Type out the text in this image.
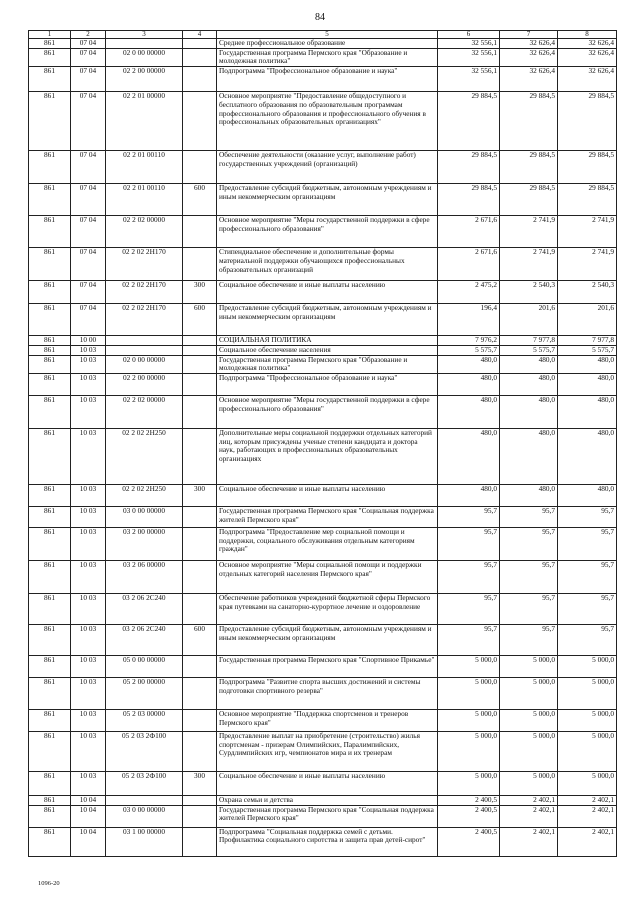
84
1	2	3	4	5	6	7	8
861	07 04			Среднее профессиональное образование	32 556,1	32 626,4	32 626,4
861	07 04	02 0 00 00000		Государственная программа Пермского края "Образование и молодежная политика"	32 556,1	32 626,4	32 626,4
861	07 04	02 2 00 00000		Подпрограмма "Профессиональное образование и наука"	32 556,1	32 626,4	32 626,4
861	07 04	02 2 01 00000		Основное мероприятие "Предоставление общедоступного и бесплатного образования по образовательным программам профессионального образования и профессионального обучения в профессиональных образовательных организациях"	29 884,5	29 884,5	29 884,5
861	07 04	02 2 01 00110		Обеспечение деятельности (оказание услуг, выполнение работ) государственных учреждений (организаций)	29 884,5	29 884,5	29 884,5
861	07 04	02 2 01 00110	600	Предоставление субсидий бюджетным, автономным учреждениям и иным некоммерческим организациям	29 884,5	29 884,5	29 884,5
861	07 04	02 2 02 00000		Основное мероприятие "Меры государственной поддержки в сфере профессионального образования"	2 671,6	2 741,9	2 741,9
861	07 04	02 2 02 2Н170		Стипендиальное обеспечение и дополнительные формы материальной поддержки обучающихся профессиональных образовательных организаций	2 671,6	2 741,9	2 741,9
861	07 04	02 2 02 2Н170	300	Социальное обеспечение и иные выплаты населению	2 475,2	2 540,3	2 540,3
861	07 04	02 2 02 2Н170	600	Предоставление субсидий бюджетным, автономным учреждениям и иным некоммерческим организациям	196,4	201,6	201,6
861	10 00			СОЦИАЛЬНАЯ ПОЛИТИКА	7 976,2	7 977,8	7 977,8
861	10 03			Социальное обеспечение населения	5 575,7	5 575,7	5 575,7
861	10 03	02 0 00 00000		Государственная программа Пермского края "Образование и молодежная политика"	480,0	480,0	480,0
861	10 03	02 2 00 00000		Подпрограмма "Профессиональное образование и наука"	480,0	480,0	480,0
861	10 03	02 2 02 00000		Основное мероприятие "Меры государственной поддержки в сфере профессионального образования"	480,0	480,0	480,0
861	10 03	02 2 02 2Н250		Дополнительные меры социальной поддержки отдельных категорий лиц, которым присуждены ученые степени кандидата и доктора наук, работающих в профессиональных образовательных организациях	480,0	480,0	480,0
861	10 03	02 2 02 2Н250	300	Социальное обеспечение и иные выплаты населению	480,0	480,0	480,0
861	10 03	03 0 00 00000		Государственная программа Пермского края "Социальная поддержка жителей Пермского края"	95,7	95,7	95,7
861	10 03	03 2 00 00000		Подпрограмма "Предоставление мер социальной помощи и поддержки, социального обслуживания отдельным категориям граждан"	95,7	95,7	95,7
861	10 03	03 2 06 00000		Основное мероприятие "Меры социальной помощи и поддержки отдельных категорий населения Пермского края"	95,7	95,7	95,7
861	10 03	03 2 06 2С240		Обеспечение работников учреждений бюджетной сферы Пермского края путевками на санаторно-курортное лечение и оздоровление	95,7	95,7	95,7
861	10 03	03 2 06 2С240	600	Предоставление субсидий бюджетным, автономным учреждениям и иным некоммерческим организациям	95,7	95,7	95,7
861	10 03	05 0 00 00000		Государственная программа Пермского края "Спортивное Прикамье"	5 000,0	5 000,0	5 000,0
861	10 03	05 2 00 00000		Подпрограмма "Развитие спорта высших достижений и системы подготовки спортивного резерва"	5 000,0	5 000,0	5 000,0
861	10 03	05 2 03 00000		Основное мероприятие "Поддержка спортсменов и тренеров Пермского края"	5 000,0	5 000,0	5 000,0
861	10 03	05 2 03 2Ф100		Предоставление выплат на приобретение (строительство) жилья спортсменам - призерам Олимпийских, Паралимпийских, Сурдлимпийских игр, чемпионатов мира и их тренерам	5 000,0	5 000,0	5 000,0
861	10 03	05 2 03 2Ф100	300	Социальное обеспечение и иные выплаты населению	5 000,0	5 000,0	5 000,0
861	10 04			Охрана семьи и детства	2 400,5	2 402,1	2 402,1
861	10 04	03 0 00 00000		Государственная программа Пермского края "Социальная поддержка жителей Пермского края"	2 400,5	2 402,1	2 402,1
861	10 04	03 1 00 00000		Подпрограмма "Социальная поддержка семей с детьми. Профилактика социального сиротства и защита прав детей-сирот"	2 400,5	2 402,1	2 402,1
1096-20
